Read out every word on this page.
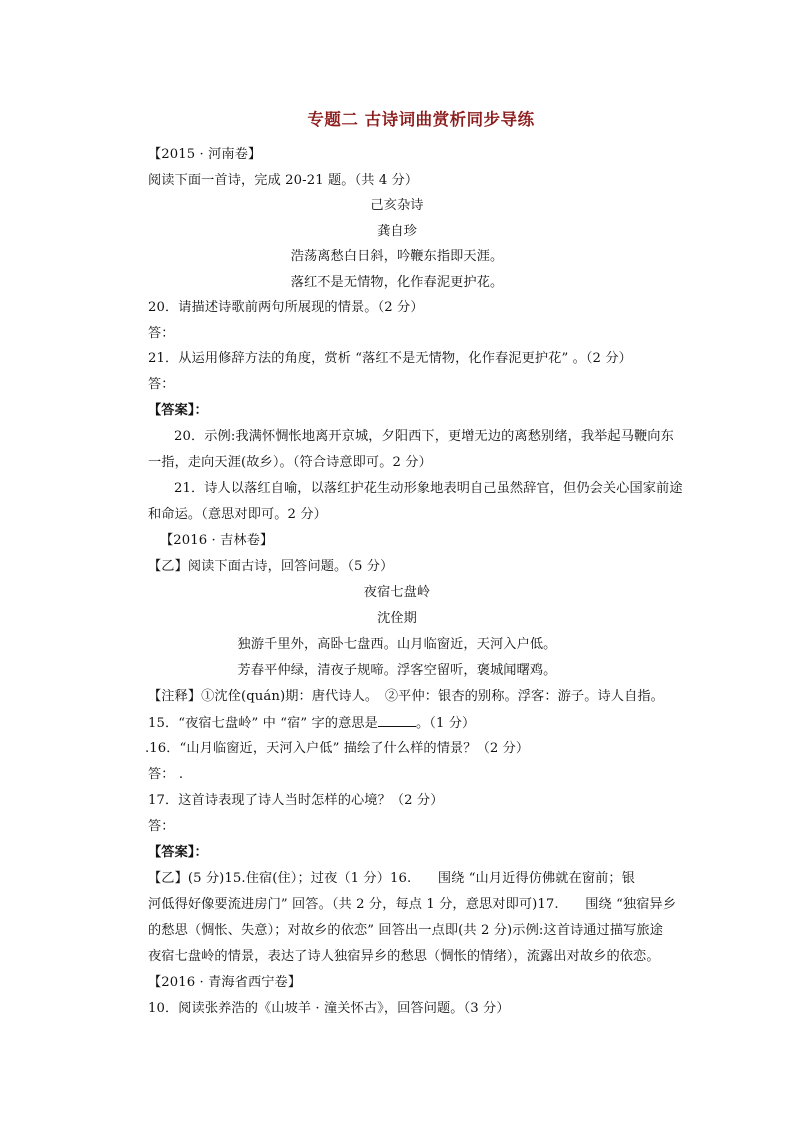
专题二 古诗词曲赏析同步导练
【2015 · 河南卷】
阅读下面一首诗，完成 20-21 题。（共 4 分）
己亥杂诗
龚自珍
浩荡离愁白日斜，吟鞭东指即天涯。
落红不是无情物，化作春泥更护花。
20．请描述诗歌前两句所展现的情景。（2 分）
答：
21．从运用修辞方法的角度，赏析 “落红不是无情物，化作春泥更护花” 。（2 分）
答：
【答案】：
20．示例:我满怀惆怅地离开京城，夕阳西下，更增无边的离愁别绪，我举起马鞭向东
一指，走向天涯(故乡）。（符合诗意即可。2 分）
21．诗人以落红自喻，以落红护花生动形象地表明自己虽然辞官，但仍会关心国家前途
和命运。（意思对即可。2 分）
【2016 · 吉林卷】
【乙】阅读下面古诗，回答问题。（5 分）
夜宿七盘岭
沈佺期
独游千里外，高卧七盘西。山月临窗近，天河入户低。
芳春平仲绿，清夜子规啼。浮客空留听，褒城闻曙鸡。
【注释】①沈佺(quán)期：唐代诗人。　②平仲：银杏的别称。浮客：游子。诗人自指。
15．“夜宿七盘岭” 中 “宿” 字的意思是	。（1 分）
.16．“山月临窗近，天河入户低” 描绘了什么样的情景？（2 分）
答： .
17．这首诗表现了诗人当时怎样的心境？（2 分）
答：
【答案】：
【乙】(5 分)15.住宿(住）；过夜（1 分）16.　　围绕 “山月近得仿佛就在窗前；银
河低得好像要流进房门” 回答。（共 2 分，每点 1 分，意思对即可)17.　　围绕 “独宿异乡
的愁思（惆怅、失意）；对故乡的依恋” 回答出一点即(共 2 分)示例:这首诗通过描写旅途
夜宿七盘岭的情景，表达了诗人独宿异乡的愁思（惆怅的情绪），流露出对故乡的依恋。
【2016 · 青海省西宁卷】
10．阅读张养浩的《山坡羊 · 潼关怀古》，回答问题。（3 分）
